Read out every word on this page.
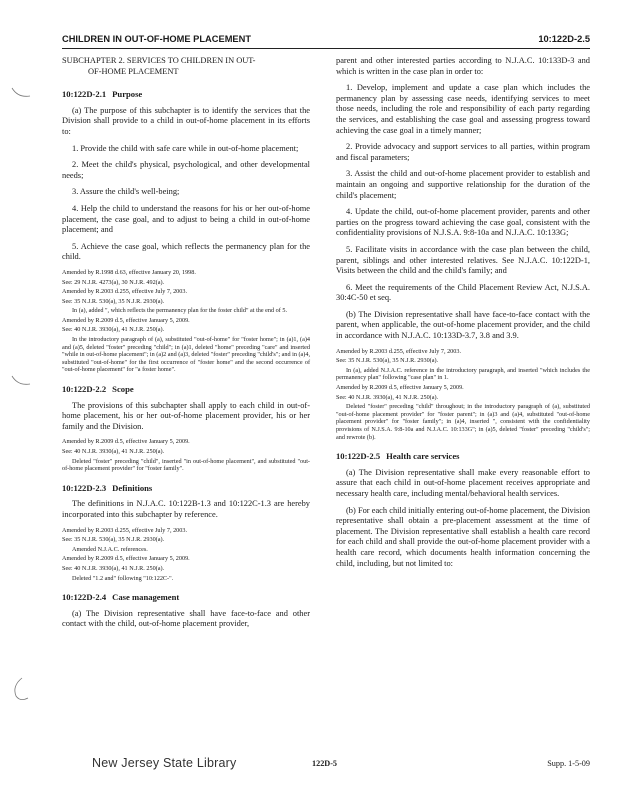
CHILDREN IN OUT-OF-HOME PLACEMENT	10:122D-2.5

SUBCHAPTER 2. SERVICES TO CHILDREN IN OUT-
OF-HOME PLACEMENT

10:122D-2.1 Purpose

(a) The purpose of this subchapter is to identify the services that the Division shall provide to a child in out-of-home placement in its efforts to:

1. Provide the child with safe care while in out-of-home placement;

2. Meet the child's physical, psychological, and other developmental needs;

3. Assure the child's well-being;

4. Help the child to understand the reasons for his or her out-of-home placement, the case goal, and to adjust to being a child in out-of-home placement; and

5. Achieve the case goal, which reflects the permanency plan for the child.

Amended by R.1998 d.63, effective January 20, 1998.

See: 29 N.J.R. 4273(a), 30 N.J.R. 492(a).

Amended by R.2003 d.255, effective July 7, 2003.

See: 35 N.J.R. 530(a), 35 N.J.R. 2930(a).

In (a), added ", which reflects the permanency plan for the foster child" at the end of 5.

Amended by R.2009 d.5, effective January 5, 2009.

See: 40 N.J.R. 3930(a), 41 N.J.R. 250(a).

In the introductory paragraph of (a), substituted "out-of-home" for "foster home"; in (a)1, (a)4 and (a)5, deleted "foster" preceding "child"; in (a)1, deleted "home" preceding "care" and inserted "while in out-of-home placement"; in (a)2 and (a)3, deleted "foster" preceding "child's"; and in (a)4, substituted "out-of-home" for the first occurrence of "foster home" and the second occurrence of "out-of-home placement" for "a foster home".

10:122D-2.2 Scope

The provisions of this subchapter shall apply to each child in out-of-home placement, his or her out-of-home placement provider, his or her family and the Division.

Amended by R.2009 d.5, effective January 5, 2009.

See: 40 N.J.R. 3930(a), 41 N.J.R. 250(a).

Deleted "foster" preceding "child", inserted "in out-of-home placement", and substituted "out-of-home placement provider" for "foster family".

10:122D-2.3 Definitions

The definitions in N.J.A.C. 10:122B-1.3 and 10:122C-1.3 are hereby incorporated into this subchapter by reference.

Amended by R.2003 d.255, effective July 7, 2003.

See: 35 N.J.R. 530(a), 35 N.J.R. 2930(a).

Amended N.J.A.C. references.

Amended by R.2009 d.5, effective January 5, 2009.

See: 40 N.J.R. 3930(a), 41 N.J.R. 250(a).

Deleted "1.2 and" following "10:122C-".

10:122D-2.4 Case management

(a) The Division representative shall have face-to-face and other contact with the child, out-of-home placement provider,

parent and other interested parties according to N.J.A.C. 10:133D-3 and which is written in the case plan in order to:

1. Develop, implement and update a case plan which includes the permanency plan by assessing case needs, identifying services to meet those needs, including the role and responsibility of each party regarding the services, and establishing the case goal and assessing progress toward achieving the case goal in a timely manner;

2. Provide advocacy and support services to all parties, within program and fiscal parameters;

3. Assist the child and out-of-home placement provider to establish and maintain an ongoing and supportive relationship for the duration of the child's placement;

4. Update the child, out-of-home placement provider, parents and other parties on the progress toward achieving the case goal, consistent with the confidentiality provisions of N.J.S.A. 9:8-10a and N.J.A.C. 10:133G;

5. Facilitate visits in accordance with the case plan between the child, parent, siblings and other interested relatives. See N.J.A.C. 10:122D-1, Visits between the child and the child's family; and

6. Meet the requirements of the Child Placement Review Act, N.J.S.A. 30:4C-50 et seq.

(b) The Division representative shall have face-to-face contact with the parent, when applicable, the out-of-home placement provider, and the child in accordance with N.J.A.C. 10:133D-3.7, 3.8 and 3.9.

Amended by R.2003 d.255, effective July 7, 2003.

See: 35 N.J.R. 530(a), 35 N.J.R. 2930(a).

In (a), added N.J.A.C. reference in the introductory paragraph, and inserted "which includes the permanency plan" following "case plan" in 1.

Amended by R.2009 d.5, effective January 5, 2009.

See: 40 N.J.R. 3930(a), 41 N.J.R. 250(a).

Deleted "foster" preceding "child" throughout; in the introductory paragraph of (a), substituted "out-of-home placement provider" for "foster parent"; in (a)3 and (a)4, substituted "out-of-home placement provider" for "foster family"; in (a)4, inserted ", consistent with the confidentiality provisions of N.J.S.A. 9:8-10a and N.J.A.C. 10:133G"; in (a)5, deleted "foster" preceding "child's"; and rewrote (b).

10:122D-2.5 Health care services

(a) The Division representative shall make every reasonable effort to assure that each child in out-of-home placement receives appropriate and necessary health care, including mental/behavioral health services.

(b) For each child initially entering out-of-home placement, the Division representative shall obtain a pre-placement assessment at the time of placement. The Division representative shall establish a health care record for each child and shall provide the out-of-home placement provider with a health care record, which documents health information concerning the child, including, but not limited to:

New Jersey State Library	122D-5	Supp. 1-5-09
